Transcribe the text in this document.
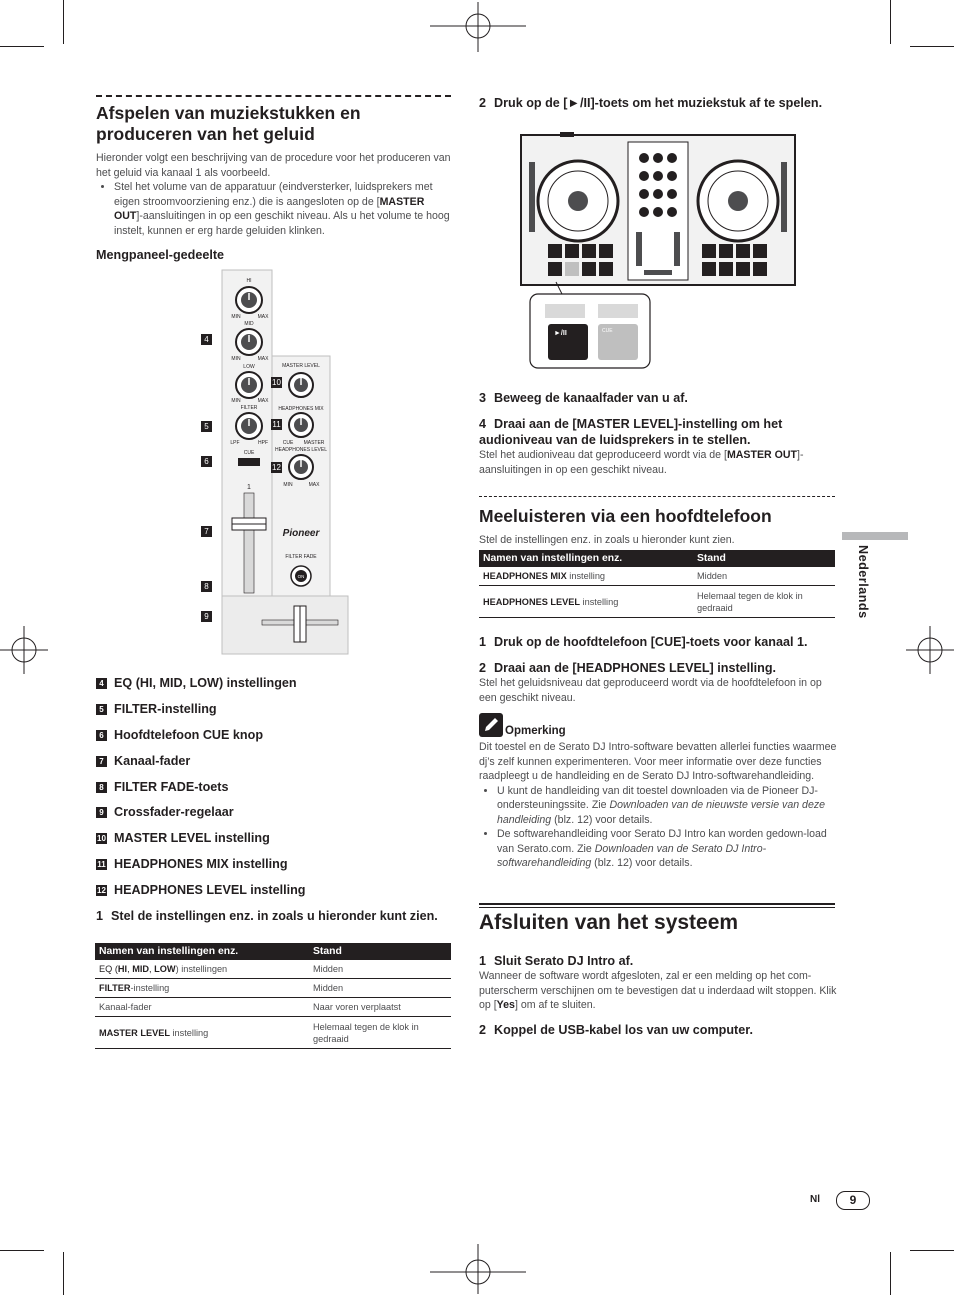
Afspelen van muziekstukken en
produceren van het geluid
Hieronder volgt een beschrijving van de procedure voor het produceren van het geluid via kanaal 1 als voorbeeld.
• Stel het volume van de apparatuur (eindversterker, luidsprekers met eigen stroomvoorziening enz.) die is aangesloten op de [MASTER OUT]-aansluitingen in op een geschikt niveau. Als u het volume te hoog instelt, kunnen er erg harde geluiden klinken.
Mengpaneel-gedeelte
HI
MIN	MAX
MID
MIN	MAX
LOW
MIN	MAX
FILTER
LPF	HPF
CUE
1
MASTER LEVEL
HEADPHONES MIX
CUE MASTER
HEADPHONES LEVEL
MIN	MAX
Pioneer
FILTER FADE
ON
4
5
6
7
8
9
10
11
12
4 EQ (HI, MID, LOW) instellingen
5 FILTER-instelling
6 Hoofdtelefoon CUE knop
7 Kanaal-fader
8 FILTER FADE-toets
9 Crossfader-regelaar
10 MASTER LEVEL instelling
11 HEADPHONES MIX instelling
12 HEADPHONES LEVEL instelling
1 Stel de instellingen enz. in zoals u hieronder kunt zien.
Namen van instellingen enz.	Stand
EQ (HI, MID, LOW) instellingen	Midden
FILTER-instelling	Midden
Kanaal-fader	Naar voren verplaatst
MASTER LEVEL instelling	Helemaal tegen de klok in gedraaid
2 Druk op de [►/II]-toets om het muziekstuk af te spelen.
►/II	CUE
3 Beweeg de kanaalfader van u af.
4 Draai aan de [MASTER LEVEL]-instelling om het audioniveau van de luidsprekers in te stellen.
Stel het audioniveau dat geproduceerd wordt via de [MASTER OUT]-aansluitingen in op een geschikt niveau.
Meeluisteren via een hoofdtelefoon
Stel de instellingen enz. in zoals u hieronder kunt zien.
Namen van instellingen enz.	Stand
HEADPHONES MIX instelling	Midden
HEADPHONES LEVEL instelling	Helemaal tegen de klok in gedraaid
1 Druk op de hoofdtelefoon [CUE]-toets voor kanaal 1.
2 Draai aan de [HEADPHONES LEVEL] instelling.
Stel het geluidsniveau dat geproduceerd wordt via de hoofdtelefoon in op een geschikt niveau.
Opmerking
Dit toestel en de Serato DJ Intro-software bevatten allerlei functies waarmee dj’s zelf kunnen experimenteren. Voor meer informatie over deze functies raadpleegt u de handleiding en de Serato DJ Intro-softwarehandleiding.
• U kunt de handleiding van dit toestel downloaden via de Pioneer DJ-ondersteuningssite. Zie Downloaden van de nieuwste versie van deze handleiding (blz. 12) voor details.
• De softwarehandleiding voor Serato DJ Intro kan worden gedown-load van Serato.com. Zie Downloaden van de Serato DJ Intro-softwarehandleiding (blz. 12) voor details.
Afsluiten van het systeem
1 Sluit Serato DJ Intro af.
Wanneer de software wordt afgesloten, zal er een melding op het com-puterscherm verschijnen om te bevestigen dat u inderdaad wilt stoppen. Klik op [Yes] om af te sluiten.
2 Koppel de USB-kabel los van uw computer.
Nederlands
Nl	9
